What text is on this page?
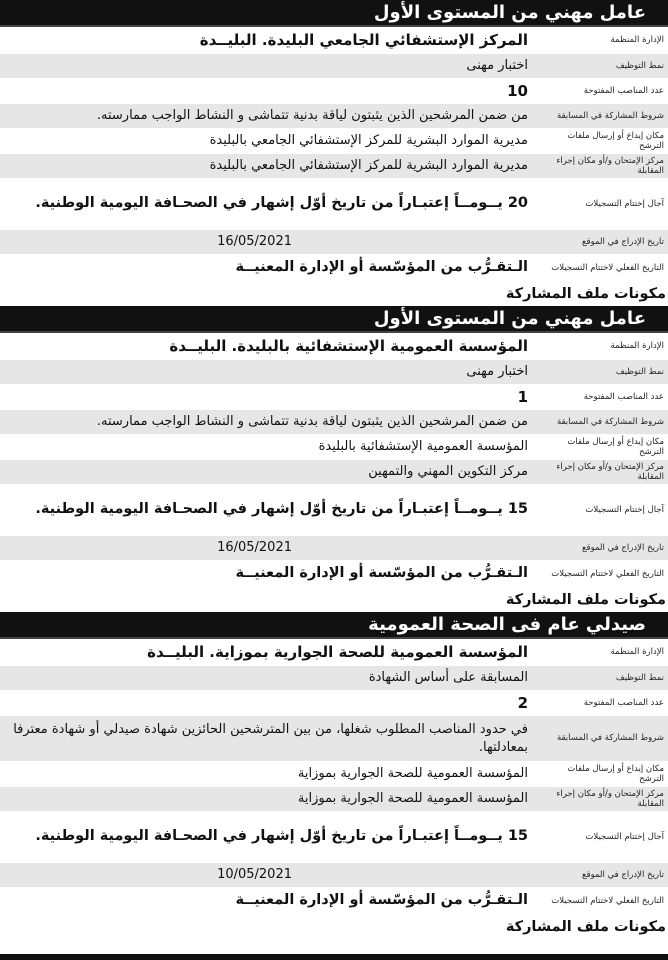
عامل مهني من المستوى الأول
الإدارة المنظمة
المركز الإستشفائي الجامعي البليدة. البليــدة
نمط التوظيف
اختبار مهنى
عدد المناصب المفتوحة
10
شروط المشاركة في المسابقة
من ضمن المرشحين الذين يثبتون لياقة بدنية تتماشى و النشاط الواجب ممارسته.
مكان إيداع أو إرسال ملفات الترشح
مديرية الموارد البشرية للمركز الإستشفائي الجامعي بالبليدة
مركز الإمتحان و/أو مكان إجراء المقابلة
مديرية الموارد البشرية للمركز الإستشفائي الجامعي بالبليدة
آجال إختتام التسجيلات
20 يــومــاً إعتبـاراً من تاريخ أوّل إشهار في الصحـافة اليومية الوطنية.
تاريخ الإدراج في الموقع
16/05/2021
التاريخ الفعلي لاختتام التسجيلات
الـتقـرُّب من المؤسّسة أو الإدارة المعنيــة
مكونات ملف المشاركة
عامل مهني من المستوى الأول
الإدارة المنظمة
المؤسسة العمومية الإستشفائية بالبليدة. البليــدة
نمط التوظيف
اختبار مهنى
عدد المناصب المفتوحة
1
شروط المشاركة في المسابقة
من ضمن المرشحين الذين يثبتون لياقة بدنية تتماشى و النشاط الواجب ممارسته.
مكان إيداع أو إرسال ملفات الترشح
المؤسسة العمومية الإستشفائية بالبليدة
مركز الإمتحان و/أو مكان إجراء المقابلة
مركز التكوين المهني والتمهين
آجال إختتام التسجيلات
15 يــومــاً إعتبـاراً من تاريخ أوّل إشهار في الصحـافة اليومية الوطنية.
تاريخ الإدراج في الموقع
16/05/2021
التاريخ الفعلي لاختتام التسجيلات
الـتقـرُّب من المؤسّسة أو الإدارة المعنيــة
مكونات ملف المشاركة
صيدلي عام فى الصحة العمومية
الإدارة المنظمة
المؤسسة العمومية للصحة الجوارية بموزاية. البليــدة
نمط التوظيف
المسابقة على أساس الشهادة
عدد المناصب المفتوحة
2
شروط المشاركة في المسابقة
في حدود المناصب المطلوب شغلها، من بين المترشحين الحائزين شهادة صيدلي أو شهادة معترفا بمعادلتها.
مكان إيداع أو إرسال ملفات الترشح
المؤسسة العمومية للصحة الجوارية بموزاية
مركز الإمتحان و/أو مكان إجراء المقابلة
المؤسسة العمومية للصحة الجوارية بموزاية
آجال إختتام التسجيلات
15 يــومــاً إعتبـاراً من تاريخ أوّل إشهار في الصحـافة اليومية الوطنية.
تاريخ الإدراج في الموقع
10/05/2021
التاريخ الفعلي لاختتام التسجيلات
الـتقـرُّب من المؤسّسة أو الإدارة المعنيــة
مكونات ملف المشاركة
